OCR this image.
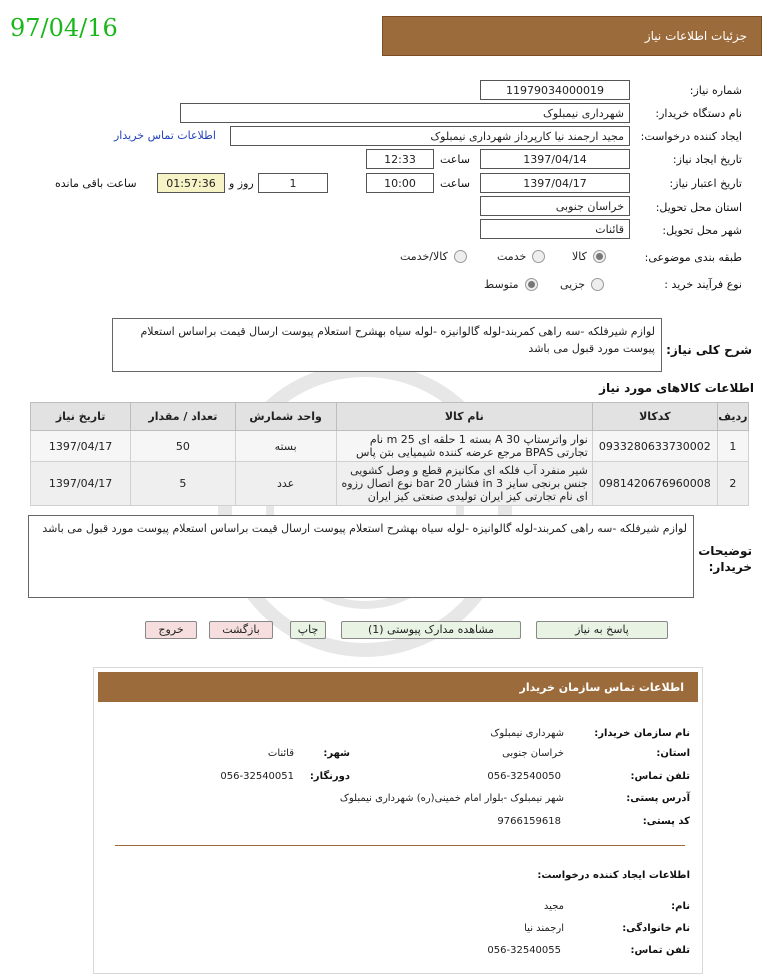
97/04/16	جزئیات اطلاعات نیاز
شماره نیاز:
11979034000019
نام دستگاه خریدار:
شهرداری نیمبلوک
ایجاد کننده درخواست:
مجید ارجمند نیا کارپرداز شهرداری نیمبلوک
اطلاعات تماس خریدار
تاریخ ایجاد نیاز:
1397/04/14
ساعت
12:33
تاریخ اعتبار نیاز:
1397/04/17
ساعت
10:00
1
روز و
01:57:36
ساعت باقی مانده
استان محل تحویل:
خراسان جنوبی
شهر محل تحویل:
قائنات
طبقه بندی موضوعی:
کالا
خدمت
کالا/خدمت
نوع فرآیند خرید :
جزیی
متوسط
شرح کلی نیاز:
لوازم شیرفلکه -سه راهی کمربند-لوله گالوانیزه -لوله سیاه بهشرح استعلام پیوست ارسال قیمت براساس استعلام پیوست مورد قبول می باشد
اطلاعات کالاهای مورد نیاز
ردیف	کدکالا	نام کالا	واحد شمارش	تعداد / مقدار	تاریخ نیاز
1	0933280633730002	نوار واترستاپ A 30 بسته 1 حلقه ای m 25 نام تجارتی BPAS مرجع عرضه کننده شیمیایی بتن پاس	بسته	50	1397/04/17
2	0981420676960008	شیر منفرد آب فلکه ای مکانیزم قطع و وصل کشویی جنس برنجی سایز in 3 فشار bar 20 نوع اتصال رزوه ای نام تجارتی کیز ایران تولیدی صنعتی کیز ایران	عدد	5	1397/04/17
توضیحات خریدار:
لوازم شیرفلکه -سه راهی کمربند-لوله گالوانیزه -لوله سیاه بهشرح استعلام پیوست ارسال قیمت براساس استعلام پیوست مورد قبول می باشد
پاسخ به نیاز
مشاهده مدارک پیوستی (1)
چاپ
بازگشت
خروج
اطلاعات تماس سازمان خریدار
نام سازمان خریدار:
شهرداری نیمبلوک
استان:
خراسان جنوبی
شهر:
قائنات
تلفن تماس:
056-32540050
دورنگار:
056-32540051
آدرس پستی:
شهر نیمبلوک -بلوار امام خمینی(ره) شهرداری نیمبلوک
کد پستی:
9766159618
اطلاعات ایجاد کننده درخواست:
نام:
مجید
نام خانوادگی:
ارجمند نیا
تلفن تماس:
056-32540055
